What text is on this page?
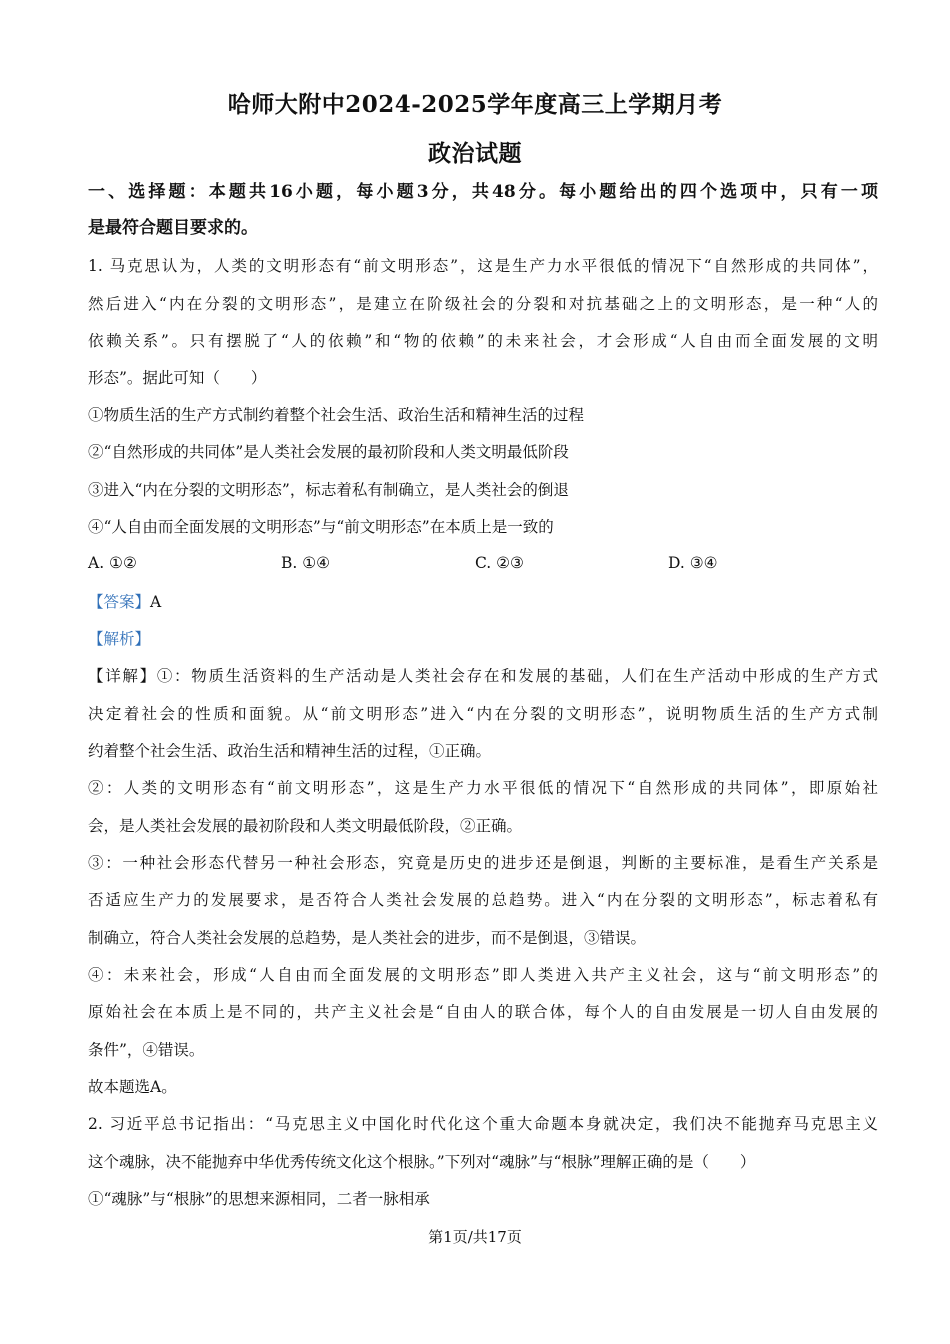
哈师大附中2024-2025学年度高三上学期月考
政治试题
一、选择题：本题共16小题，每小题3分，共48分。每小题给出的四个选项中，只有一项
是最符合题目要求的。
1. 马克思认为，人类的文明形态有“前文明形态”，这是生产力水平很低的情况下“自然形成的共同体”，
然后进入“内在分裂的文明形态”，是建立在阶级社会的分裂和对抗基础之上的文明形态，是一种“人的
依赖关系”。只有摆脱了“人的依赖”和“物的依赖”的未来社会，才会形成“人自由而全面发展的文明
形态”。据此可知（　　）
①物质生活的生产方式制约着整个社会生活、政治生活和精神生活的过程
②“自然形成的共同体”是人类社会发展的最初阶段和人类文明最低阶段
③进入“内在分裂的文明形态”，标志着私有制确立，是人类社会的倒退
④“人自由而全面发展的文明形态”与“前文明形态”在本质上是一致的
A. ①②	B. ①④	C. ②③	D. ③④
【答案】A
【解析】
【详解】①：物质生活资料的生产活动是人类社会存在和发展的基础，人们在生产活动中形成的生产方式
决定着社会的性质和面貌。从“前文明形态”进入“内在分裂的文明形态”，说明物质生活的生产方式制
约着整个社会生活、政治生活和精神生活的过程，①正确。
②：人类的文明形态有“前文明形态”，这是生产力水平很低的情况下“自然形成的共同体”，即原始社
会，是人类社会发展的最初阶段和人类文明最低阶段，②正确。
③：一种社会形态代替另一种社会形态，究竟是历史的进步还是倒退，判断的主要标准，是看生产关系是
否适应生产力的发展要求，是否符合人类社会发展的总趋势。进入“内在分裂的文明形态”，标志着私有
制确立，符合人类社会发展的总趋势，是人类社会的进步，而不是倒退，③错误。
④：未来社会，形成“人自由而全面发展的文明形态”即人类进入共产主义社会，这与“前文明形态”的
原始社会在本质上是不同的，共产主义社会是“自由人的联合体，每个人的自由发展是一切人自由发展的
条件”，④错误。
故本题选A。
2. 习近平总书记指出：“马克思主义中国化时代化这个重大命题本身就决定，我们决不能抛弃马克思主义
这个魂脉，决不能抛弃中华优秀传统文化这个根脉。”下列对“魂脉”与“根脉”理解正确的是（　　）
①“魂脉”与“根脉”的思想来源相同，二者一脉相承
第1页/共17页
